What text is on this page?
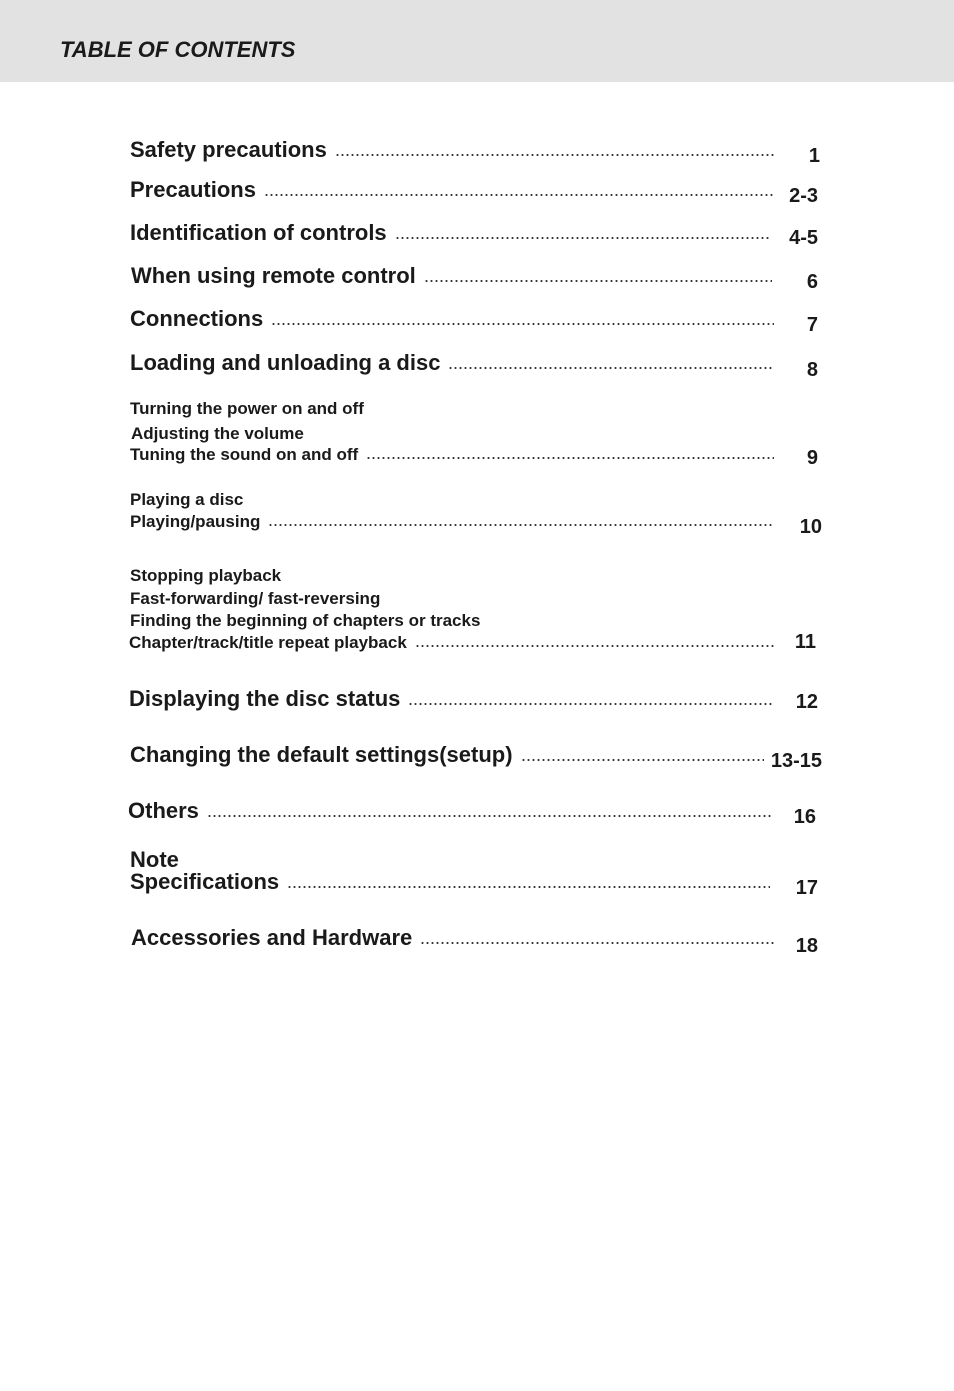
TABLE OF CONTENTS
Safety precautions	1
Precautions	2-3
Identification of controls	4-5
When using remote control	6
Connections	7
Loading and unloading a disc	8
Turning the power on and off
Adjusting the volume
Tuning the sound on and off	9
Playing a disc
Playing/pausing	10
Stopping playback
Fast-forwarding/ fast-reversing
Finding the beginning of chapters or tracks
Chapter/track/title repeat playback	11
Displaying the disc status	12
Changing the default settings(setup)	13-15
Others	16
Note
Specifications	17
Accessories and Hardware	18
